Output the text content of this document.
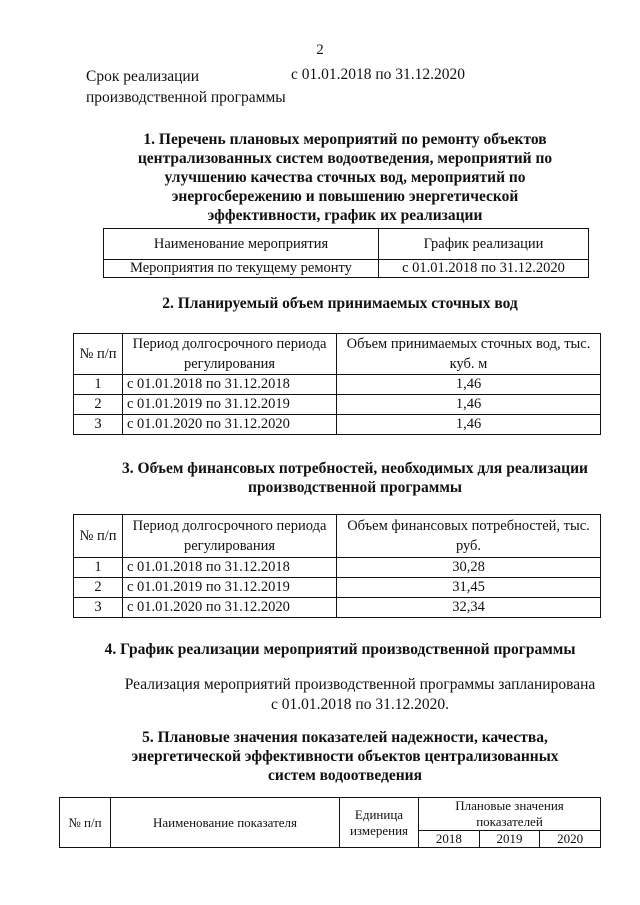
2
Срок реализации
производственной программы
с 01.01.2018 по 31.12.2020
1. Перечень плановых мероприятий по ремонту объектов централизованных систем водоотведения, мероприятий по улучшению качества сточных вод, мероприятий по энергосбережению и повышению энергетической эффективности, график их реализации
Наименование мероприятия	График реализации
Мероприятия по текущему ремонту	с 01.01.2018 по 31.12.2020
2. Планируемый объем принимаемых сточных вод
№ п/п	Период долгосрочного периода регулирования	Объем принимаемых сточных вод, тыс. куб. м
1	с 01.01.2018 по 31.12.2018	1,46
2	с 01.01.2019 по 31.12.2019	1,46
3	с 01.01.2020 по 31.12.2020	1,46
3. Объем финансовых потребностей, необходимых для реализации производственной программы
№ п/п	Период долгосрочного периода регулирования	Объем финансовых потребностей, тыс. руб.
1	с 01.01.2018 по 31.12.2018	30,28
2	с 01.01.2019 по 31.12.2019	31,45
3	с 01.01.2020 по 31.12.2020	32,34
4. График реализации мероприятий производственной программы
Реализация мероприятий производственной программы запланирована с 01.01.2018 по 31.12.2020.
5. Плановые значения показателей надежности, качества, энергетической эффективности объектов централизованных систем водоотведения
№ п/п	Наименование показателя	Единица измерения	Плановые значения показателей		
			2018	2019	2020
